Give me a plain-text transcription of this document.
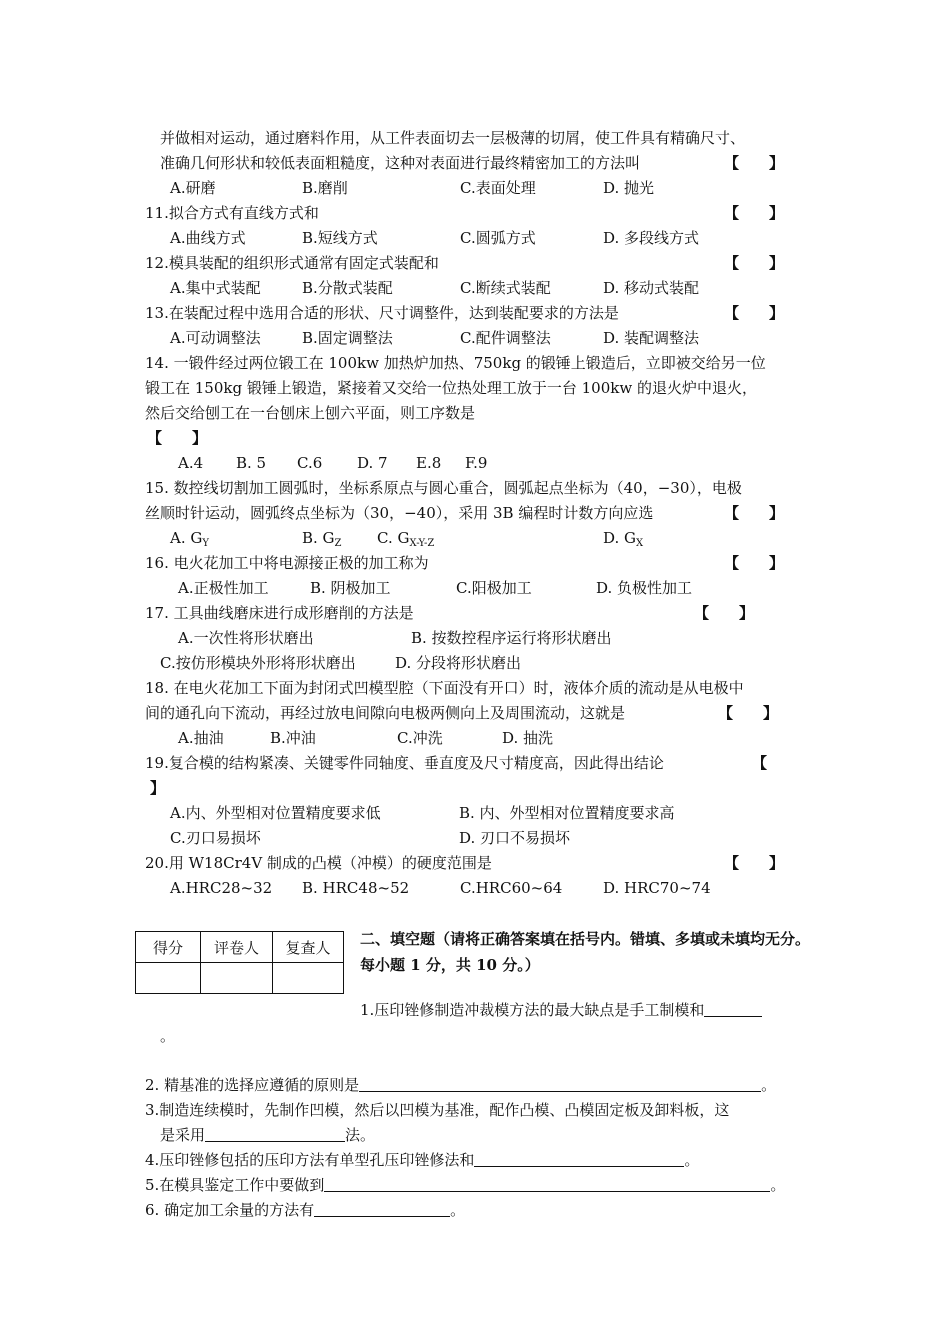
并做相对运动，通过磨料作用，从工件表面切去一层极薄的切屑，使工件具有精确尺寸、
准确几何形状和较低表面粗糙度，这种对表面进行最终精密加工的方法叫	【　　】
A.研磨	B.磨削	C.表面处理	D. 抛光
11.拟合方式有直线方式和	【　　】
A.曲线方式	B.短线方式	C.圆弧方式	D. 多段线方式
12.模具装配的组织形式通常有固定式装配和	【　　】
A.集中式装配	B.分散式装配	C.断续式装配	D. 移动式装配
13.在装配过程中选用合适的形状、尺寸调整件，达到装配要求的方法是	【　　】
A.可动调整法	B.固定调整法	C.配件调整法	D. 装配调整法
14. 一锻件经过两位锻工在 100kw 加热炉加热、750kg 的锻锤上锻造后，立即被交给另一位
锻工在 150kg 锻锤上锻造，紧接着又交给一位热处理工放于一台 100kw 的退火炉中退火，
然后交给刨工在一台刨床上刨六平面，则工序数是
【　　】
A.4 B. 5 C.6 D. 7 E.8 F.9
15. 数控线切割加工圆弧时，坐标系原点与圆心重合，圆弧起点坐标为（40，−30），电极
丝顺时针运动，圆弧终点坐标为（30，−40），采用 3B 编程时计数方向应选	【　　】
A. $G_Y$	B. $G_Z$ C. $G_{X-Y-Z}$	D. $G_X$
16. 电火花加工中将电源接正极的加工称为	【　　】
A.正极性加工	B. 阴极加工	C.阳极加工	D. 负极性加工
17. 工具曲线磨床进行成形磨削的方法是	【　　】
A.一次性将形状磨出	B. 按数控程序运行将形状磨出
C.按仿形模块外形将形状磨出	D. 分段将形状磨出
18. 在电火花加工下面为封闭式凹模型腔（下面没有开口）时，液体介质的流动是从电极中
间的通孔向下流动，再经过放电间隙向电极两侧向上及周围流动，这就是	【　　】
A.抽油	B.冲油	C.冲洗	D. 抽洗
19.复合模的结构紧凑、关键零件同轴度、垂直度及尺寸精度高，因此得出结论	【
】
A.内、外型相对位置精度要求低	B. 内、外型相对位置精度要求高
C.刃口易损坏	D. 刃口不易损坏
20.用 W18Cr4V 制成的凸模（冲模）的硬度范围是	【　　】
A.HRC28~32 B. HRC48~52	C.HRC60~64	D. HRC70~74
得分	评卷人	复查人
		二、填空题（请将正确答案填在括号内。错填、多填或未填均无分。每小题 1 分，共 10 分。）
1.压印锉修制造冲裁模方法的最大缺点是手工制模和
。
2. 精基准的选择应遵循的原则是	。
3.制造连续模时，先制作凹模，然后以凹模为基准，配作凸模、凸模固定板及卸料板，这
是采用	法。
4.压印锉修包括的压印方法有单型孔压印锉修法和	。
5.在模具鉴定工作中要做到	。
6. 确定加工余量的方法有	。
